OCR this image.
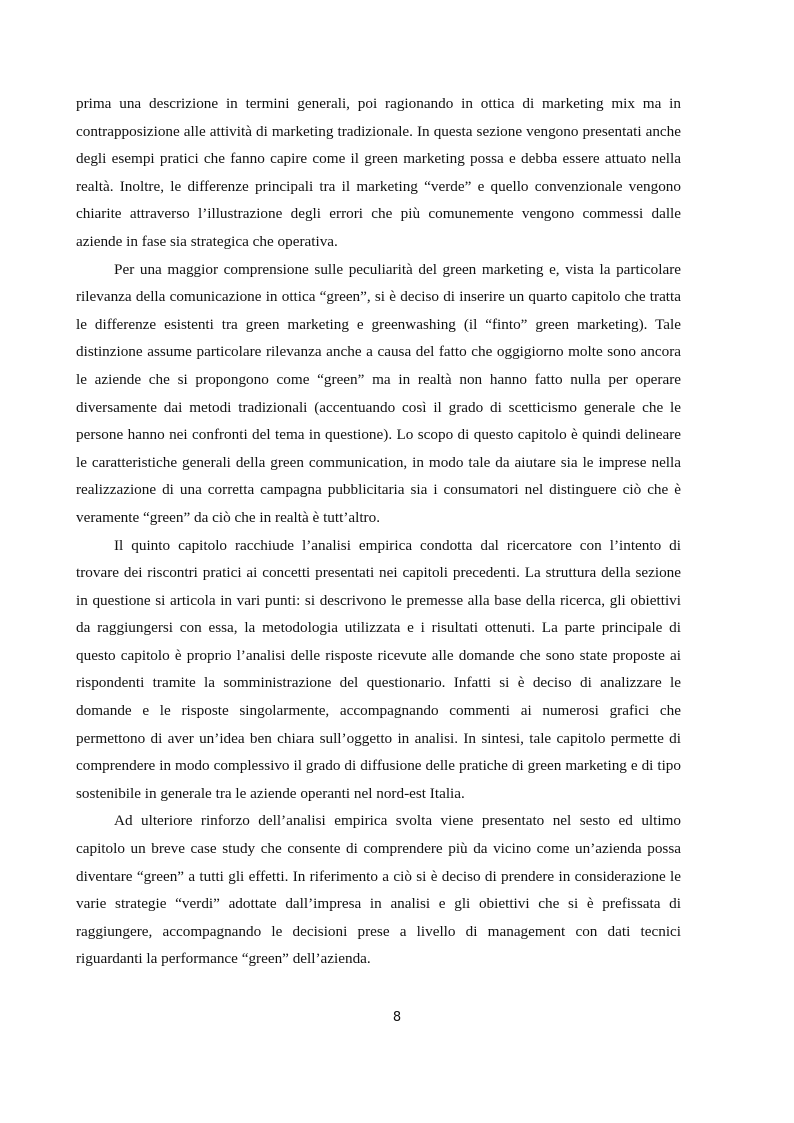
prima una descrizione in termini generali, poi ragionando in ottica di marketing mix ma in contrapposizione alle attività di marketing tradizionale. In questa sezione vengono presentati anche degli esempi pratici che fanno capire come il green marketing possa e debba essere attuato nella realtà. Inoltre, le differenze principali tra il marketing “verde” e quello convenzionale vengono chiarite attraverso l’illustrazione degli errori che più comunemente vengono commessi dalle aziende in fase sia strategica che operativa.

Per una maggior comprensione sulle peculiarità del green marketing e, vista la particolare rilevanza della comunicazione in ottica “green”, si è deciso di inserire un quarto capitolo che tratta le differenze esistenti tra green marketing e greenwashing (il “finto” green marketing). Tale distinzione assume particolare rilevanza anche a causa del fatto che oggigiorno molte sono ancora le aziende che si propongono come “green” ma in realtà non hanno fatto nulla per operare diversamente dai metodi tradizionali (accentuando così il grado di scetticismo generale che le persone hanno nei confronti del tema in questione). Lo scopo di questo capitolo è quindi delineare le caratteristiche generali della green communication, in modo tale da aiutare sia le imprese nella realizzazione di una corretta campagna pubblicitaria sia i consumatori nel distinguere ciò che è veramente “green” da ciò che in realtà è tutt’altro.

Il quinto capitolo racchiude l’analisi empirica condotta dal ricercatore con l’intento di trovare dei riscontri pratici ai concetti presentati nei capitoli precedenti. La struttura della sezione in questione si articola in vari punti: si descrivono le premesse alla base della ricerca, gli obiettivi da raggiungersi con essa, la metodologia utilizzata e i risultati ottenuti. La parte principale di questo capitolo è proprio l’analisi delle risposte ricevute alle domande che sono state proposte ai rispondenti tramite la somministrazione del questionario. Infatti si è deciso di analizzare le domande e le risposte singolarmente, accompagnando commenti ai numerosi grafici che permettono di aver un’idea ben chiara sull’oggetto in analisi. In sintesi, tale capitolo permette di comprendere in modo complessivo il grado di diffusione delle pratiche di green marketing e di tipo sostenibile in generale tra le aziende operanti nel nord-est Italia.

Ad ulteriore rinforzo dell’analisi empirica svolta viene presentato nel sesto ed ultimo capitolo un breve case study che consente di comprendere più da vicino come un’azienda possa diventare “green” a tutti gli effetti. In riferimento a ciò si è deciso di prendere in considerazione le varie strategie “verdi” adottate dall’impresa in analisi e gli obiettivi che si è prefissata di raggiungere, accompagnando le decisioni prese a livello di management con dati tecnici riguardanti la performance “green” dell’azienda.

8
